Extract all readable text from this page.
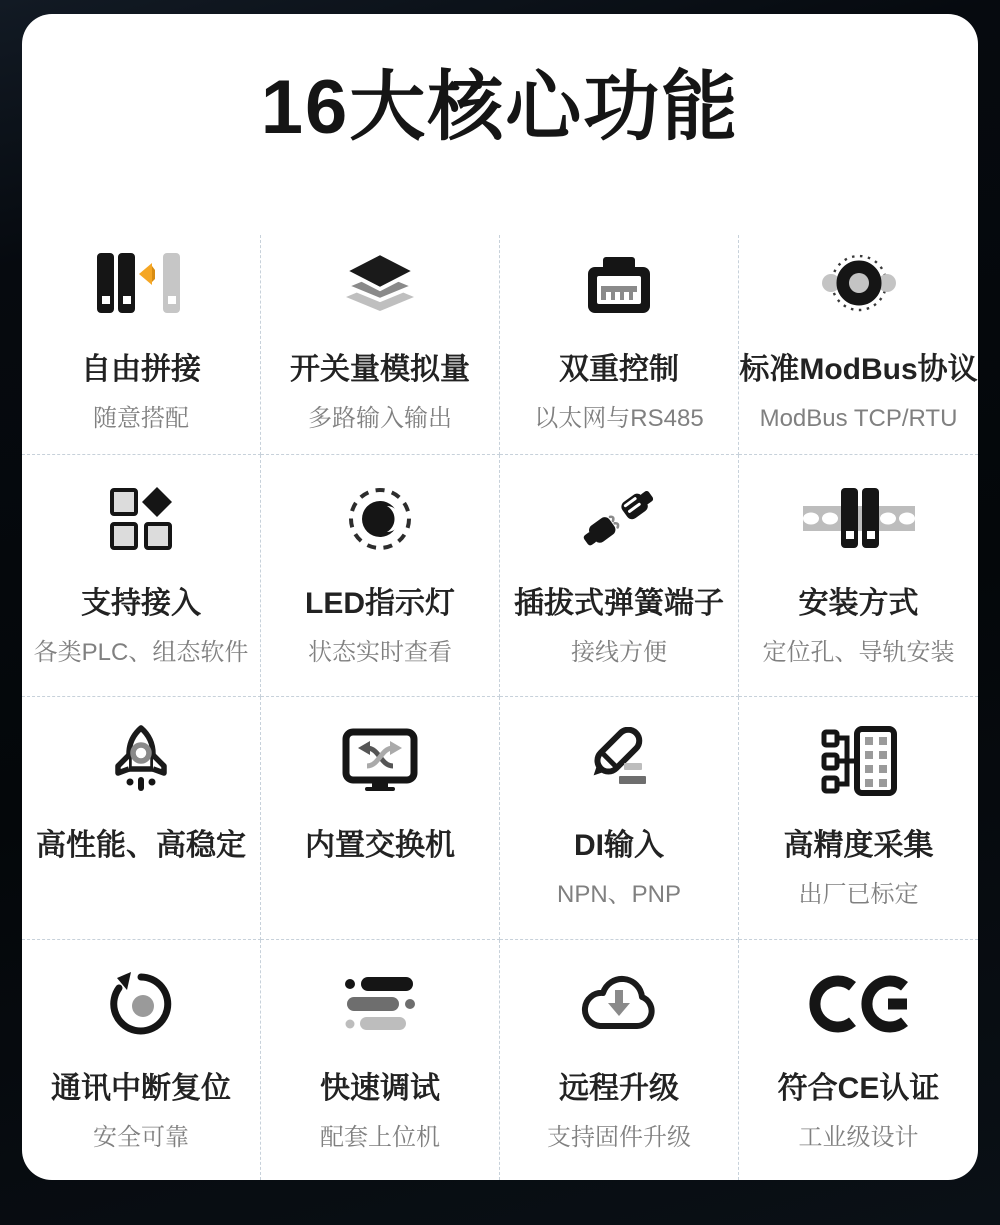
16大核心功能
自由拼接
随意搭配
开关量模拟量
多路输入输出
双重控制
以太网与RS485
标准ModBus协议
ModBus TCP/RTU
支持接入
各类PLC、组态软件
LED指示灯
状态实时查看
插拔式弹簧端子
接线方便
安装方式
定位孔、导轨安装
高性能、高稳定 内置交换机	DI输入
NPN、PNP
高精度采集
出厂已标定
通讯中断复位
安全可靠
快速调试
配套上位机
远程升级
支持固件升级
符合CE认证
工业级设计
